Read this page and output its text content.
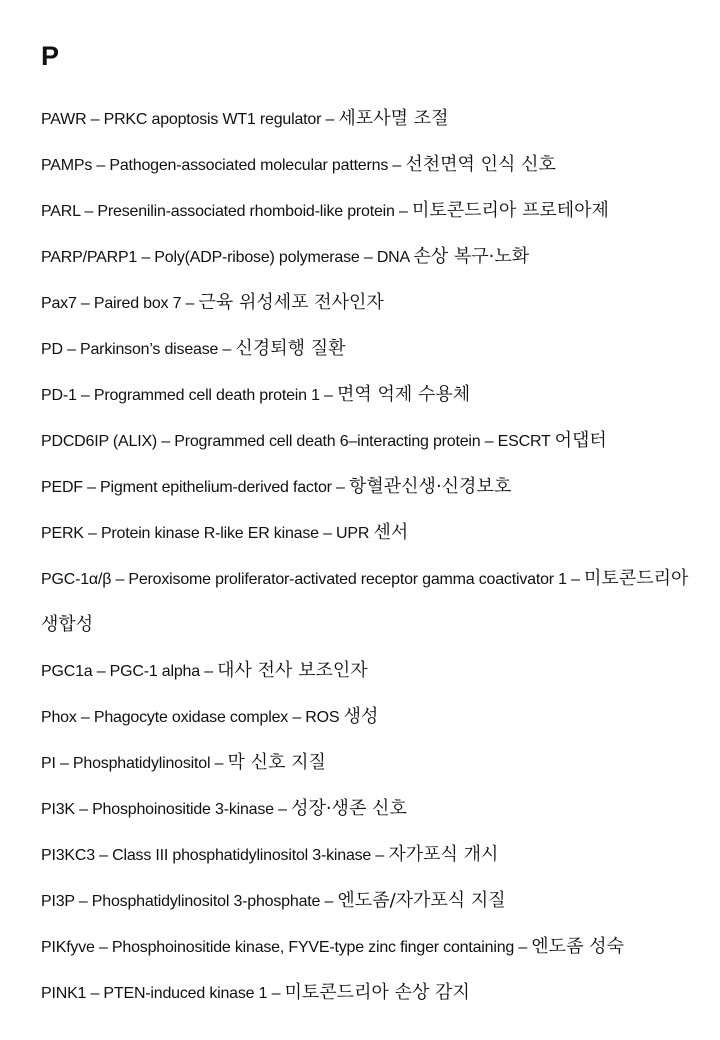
P
PAWR – PRKC apoptosis WT1 regulator – 세포사멸 조절
PAMPs – Pathogen-associated molecular patterns – 선천면역 인식 신호
PARL – Presenilin-associated rhomboid-like protein – 미토콘드리아 프로테아제
PARP/PARP1 – Poly(ADP-ribose) polymerase – DNA 손상 복구·노화
Pax7 – Paired box 7 – 근육 위성세포 전사인자
PD – Parkinson’s disease – 신경퇴행 질환
PD-1 – Programmed cell death protein 1 – 면역 억제 수용체
PDCD6IP (ALIX) – Programmed cell death 6–interacting protein – ESCRT 어댑터
PEDF – Pigment epithelium-derived factor – 항혈관신생·신경보호
PERK – Protein kinase R-like ER kinase – UPR 센서
PGC-1α/β – Peroxisome proliferator-activated receptor gamma coactivator 1 – 미토콘드리아 생합성
PGC1a – PGC-1 alpha – 대사 전사 보조인자
Phox – Phagocyte oxidase complex – ROS 생성
PI – Phosphatidylinositol – 막 신호 지질
PI3K – Phosphoinositide 3-kinase – 성장·생존 신호
PI3KC3 – Class III phosphatidylinositol 3-kinase – 자가포식 개시
PI3P – Phosphatidylinositol 3-phosphate – 엔도좀/자가포식 지질
PIKfyve – Phosphoinositide kinase, FYVE-type zinc finger containing – 엔도좀 성숙
PINK1 – PTEN-induced kinase 1 – 미토콘드리아 손상 감지
